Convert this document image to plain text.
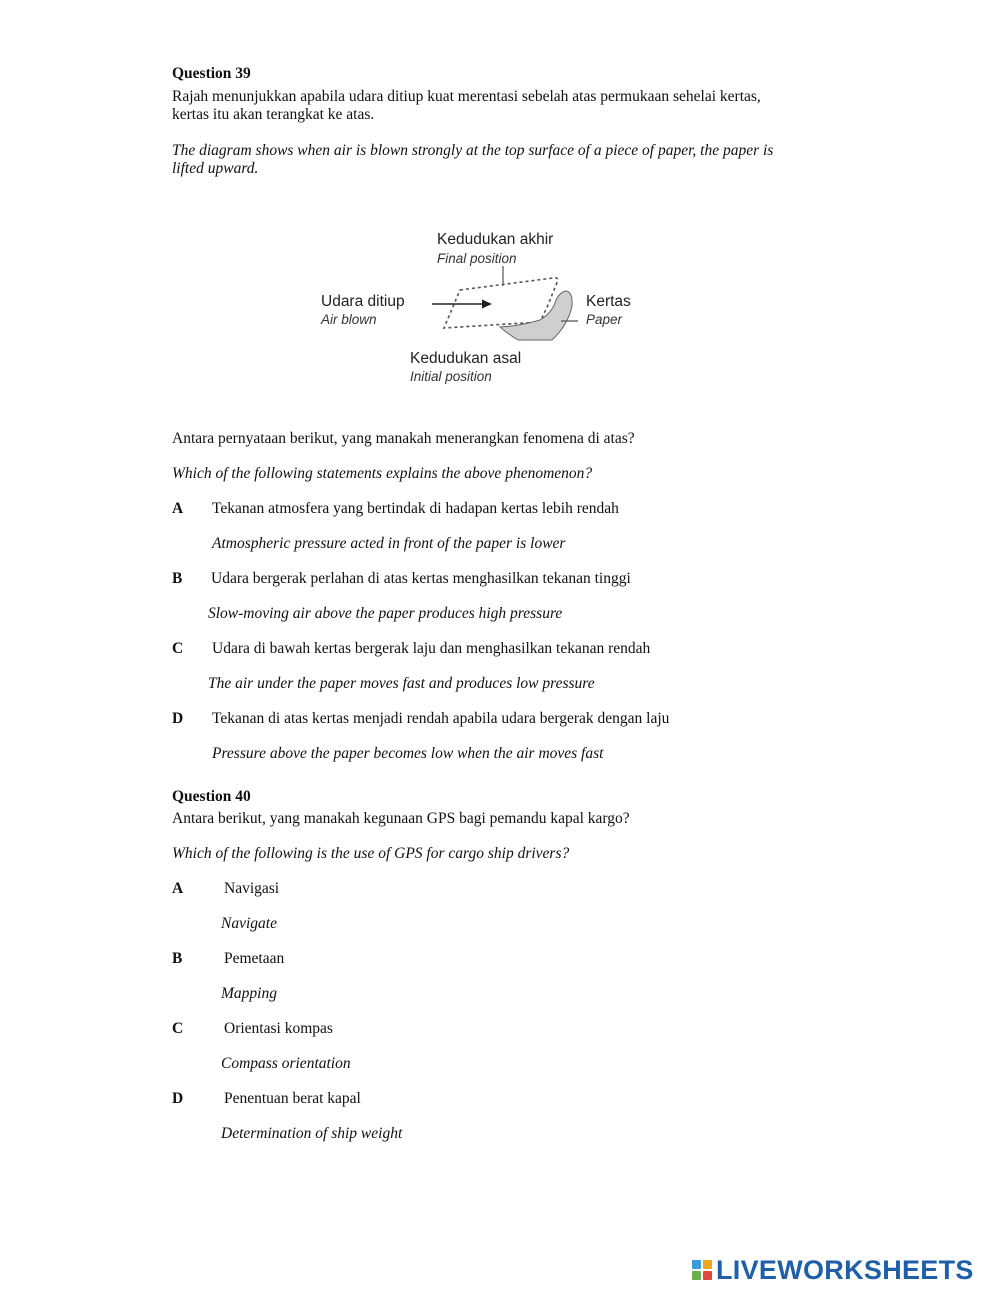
Question 39
Rajah menunjukkan apabila udara ditiup kuat merentasi sebelah atas permukaan sehelai kertas,
kertas itu akan terangkat ke atas.
The diagram shows when air is blown strongly at the top surface of a piece of paper, the paper is
lifted upward.
Kedudukan akhir
Final position
Udara ditiup
Air blown
Kertas
Paper
Kedudukan asal
Initial position
Antara pernyataan berikut, yang manakah menerangkan fenomena di atas?
Which of the following statements explains the above phenomenon?
A Tekanan atmosfera yang bertindak di hadapan kertas lebih rendah
Atmospheric pressure acted in front of the paper is lower
B Udara bergerak perlahan di atas kertas menghasilkan tekanan tinggi
Slow-moving air above the paper produces high pressure
C Udara di bawah kertas bergerak laju dan menghasilkan tekanan rendah
The air under the paper moves fast and produces low pressure
D Tekanan di atas kertas menjadi rendah apabila udara bergerak dengan laju
Pressure above the paper becomes low when the air moves fast
Question 40
Antara berikut, yang manakah kegunaan GPS bagi pemandu kapal kargo?
Which of the following is the use of GPS for cargo ship drivers?
A	Navigasi
Navigate
B	Pemetaan
Mapping
C	Orientasi kompas
Compass orientation
D	Penentuan berat kapal
Determination of ship weight
LIVEWORKSHEETS
